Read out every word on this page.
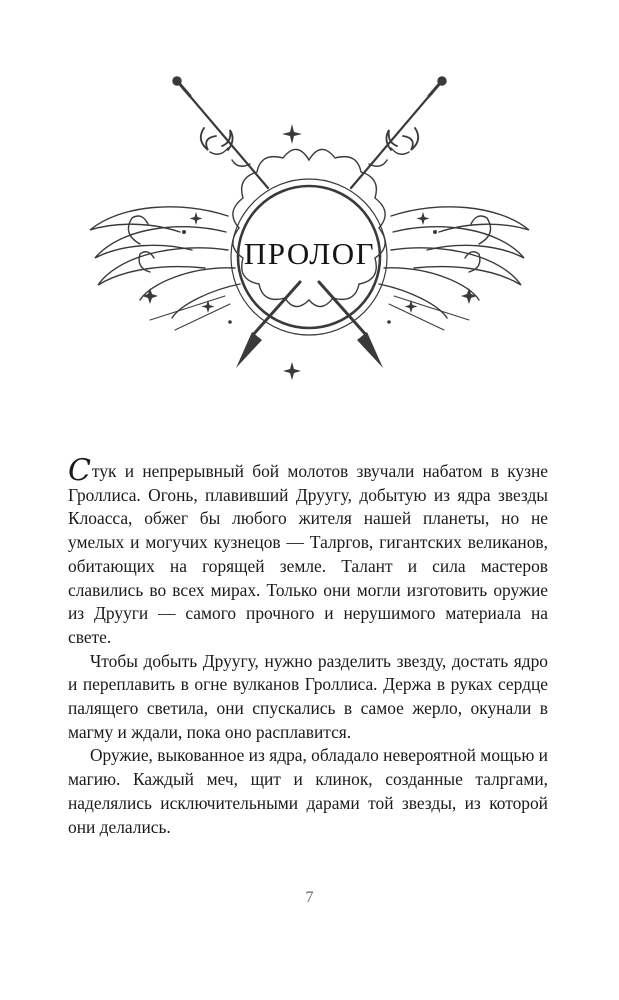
ПРОЛОГ

Стук и непрерывный бой молотов звучали набатом в кузне Гроллиса. Огонь, плавивший Друугу, добытую из ядра звезды Клоасса, обжег бы любого жителя нашей планеты, но не умелых и могучих кузнецов — Талргов, гигантских великанов, обитающих на горящей земле. Талант и сила мастеров славились во всех мирах. Только они могли изготовить оружие из Друуги — самого прочного и нерушимого материала на свете.

Чтобы добыть Друугу, нужно разделить звезду, достать ядро и переплавить в огне вулканов Гроллиса. Держа в руках сердце палящего светила, они спускались в самое жерло, окунали в магму и ждали, пока оно расплавится.

Оружие, выкованное из ядра, обладало невероятной мощью и магию. Каждый меч, щит и клинок, созданные талргами, наделялись исключительными дарами той звезды, из которой они делались.

7
